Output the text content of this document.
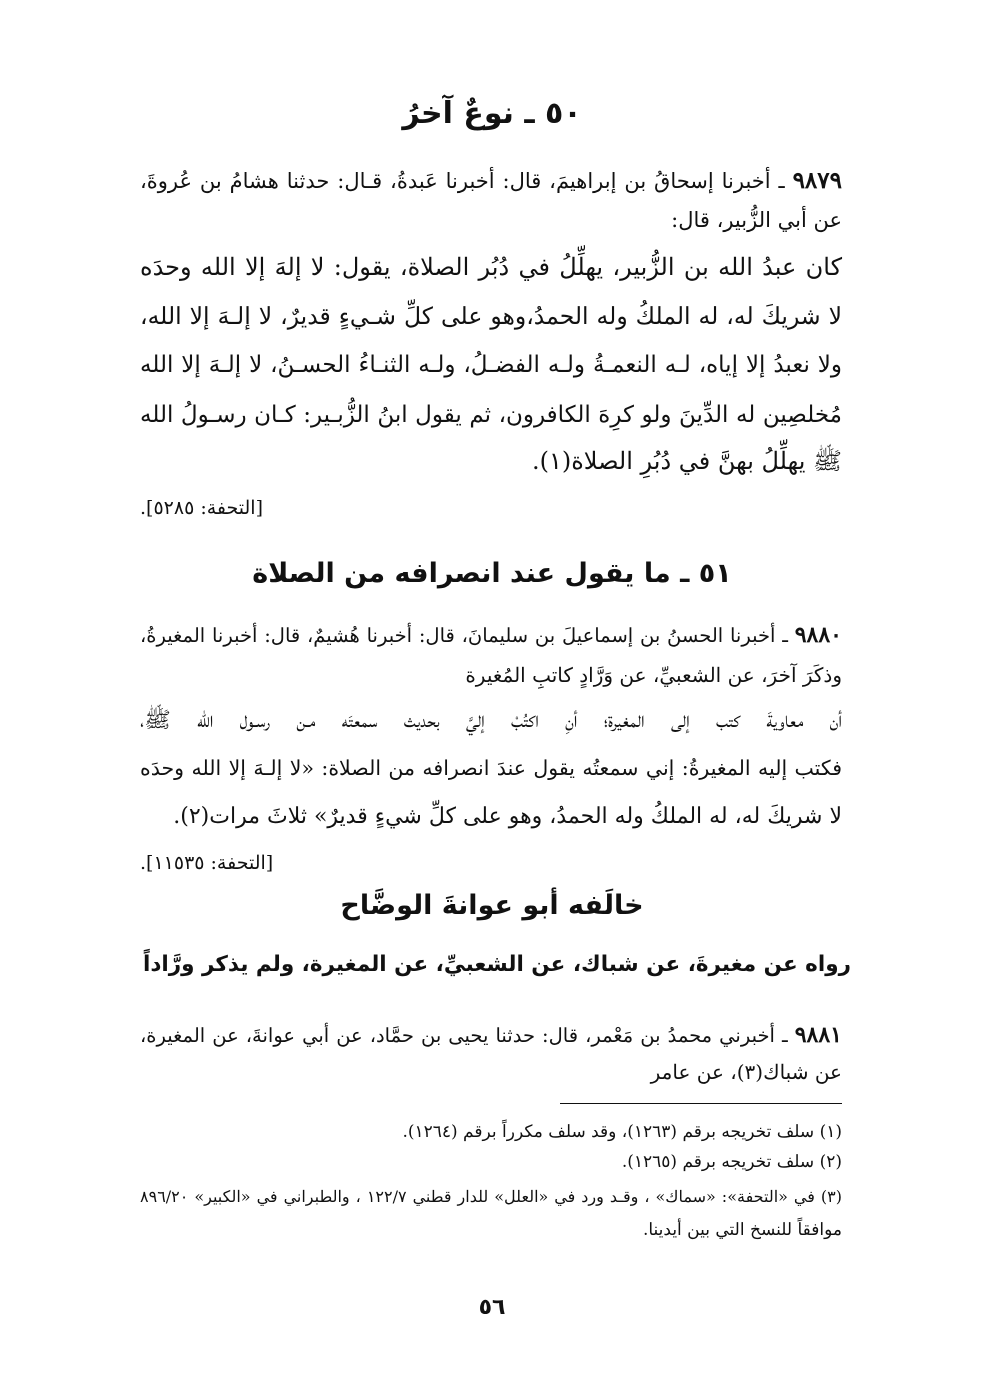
٥٠ ـ نوعٌ آخرُ
٩٨٧٩ ـ أخبرنا إسحاقُ بن إبراهيمَ، قال: أخبرنا عَبدةُ، قـال: حدثنا هشامُ بن عُروةَ،
عن أبي الزُّبير، قال:
كان عبدُ الله بن الزُّبير، يهلِّلُ في دُبُر الصلاة، يقول: لا إلهَ إلا الله وحدَه
لا شريكَ له، له الملكُ وله الحمدُ،وهو على كلِّ شـيءٍ قديرٌ، لا إلـهَ إلا الله،
ولا نعبدُ إلا إياه، لـه النعمـةُ ولـه الفضـلُ، ولـه الثنـاءُ الحسـنُ، لا إلـهَ إلا الله
مُخلصِين له الدِّينَ ولو كرِهَ الكافرون، ثم يقول ابنُ الزُّبـير: كـان رسـولُ الله
ﷺ يهلِّلُ بهنَّ في دُبُرِ الصلاة(١).
[التحفة: ٥٢٨٥].
٥١ ـ ما يقول عند انصرافه من الصلاة
٩٨٨٠ ـ أخبرنا الحسنُ بن إسماعيلَ بن سليمانَ، قال: أخبرنا هُشيمٌ، قال: أخبرنا المغيرةُ،
وذكَرَ آخرَ، عن الشعبيِّ، عن وَرَّادٍ كاتبِ المُغيرة
أن معاويةَ كتب إلى المغيرة؛ أنِ اكتُبْ إليَّ بحديث سمعتَه مـن رسـول الله ﷺ،
فكتب إليه المغيرةُ: إني سمعتُه يقول عندَ انصرافه من الصلاة: «لا إلـهَ إلا الله وحدَه
لا شريكَ له، له الملكُ وله الحمدُ، وهو على كلِّ شيءٍ قديرٌ» ثلاثَ مرات(٢).
[التحفة: ١١٥٣٥].
خالَفه أبو عوانةَ الوضَّاح
رواه عن مغيرةَ، عن شباك، عن الشعبيِّ، عن المغيرة، ولم يذكر ورَّاداً
٩٨٨١ ـ أخبرني محمدُ بن مَعْمر، قال: حدثنا يحيى بن حمَّاد، عن أبي عوانةَ، عن المغيرة،
عن شباك(٣)، عن عامر
(١) سلف تخريجه برقم (١٢٦٣)، وقد سلف مكرراً برقم (١٢٦٤).
(٢) سلف تخريجه برقم (١٢٦٥).
(٣) في «التحفة»: «سماك» ، وقـد ورد في «العلل» للدار قطني ١٢٢/٧ ، والطبراني في «الكبير» ٨٩٦/٢٠
موافقاً للنسخ التي بين أيدينا.
٥٦
